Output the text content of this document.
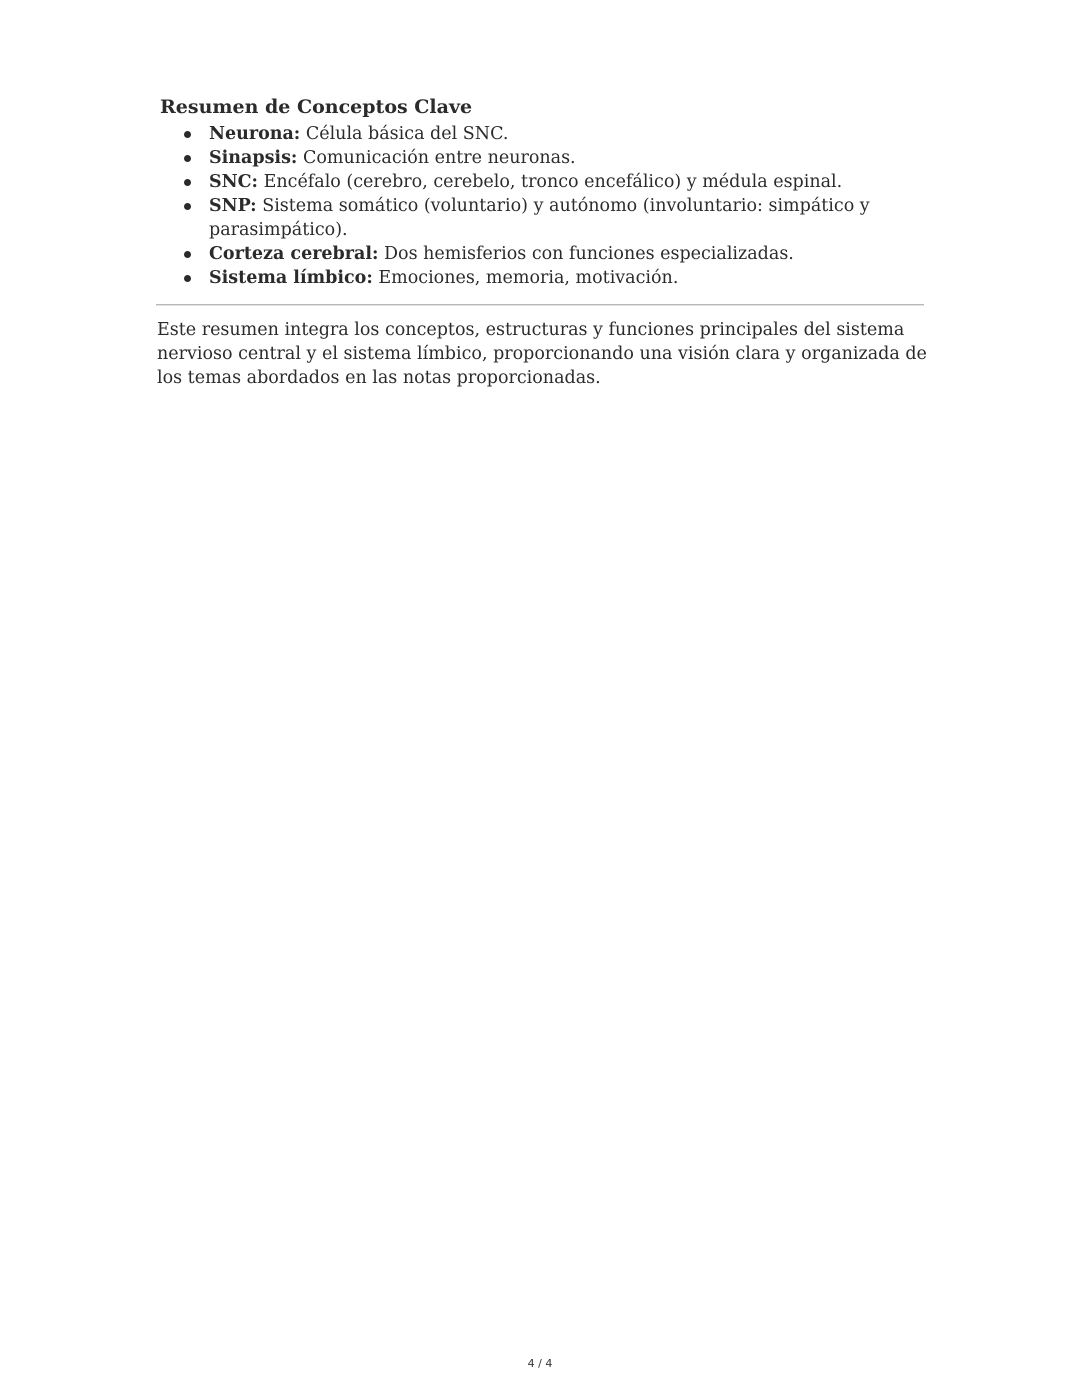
Resumen de Conceptos Clave
Neurona: Célula básica del SNC.
Sinapsis: Comunicación entre neuronas.
SNC: Encéfalo (cerebro, cerebelo, tronco encefálico) y médula espinal.
SNP: Sistema somático (voluntario) y autónomo (involuntario: simpático y parasimpático).
Corteza cerebral: Dos hemisferios con funciones especializadas.
Sistema límbico: Emociones, memoria, motivación.

Este resumen integra los conceptos, estructuras y funciones principales del sistema nervioso central y el sistema límbico, proporcionando una visión clara y organizada de los temas abordados en las notas proporcionadas.

4 / 4
